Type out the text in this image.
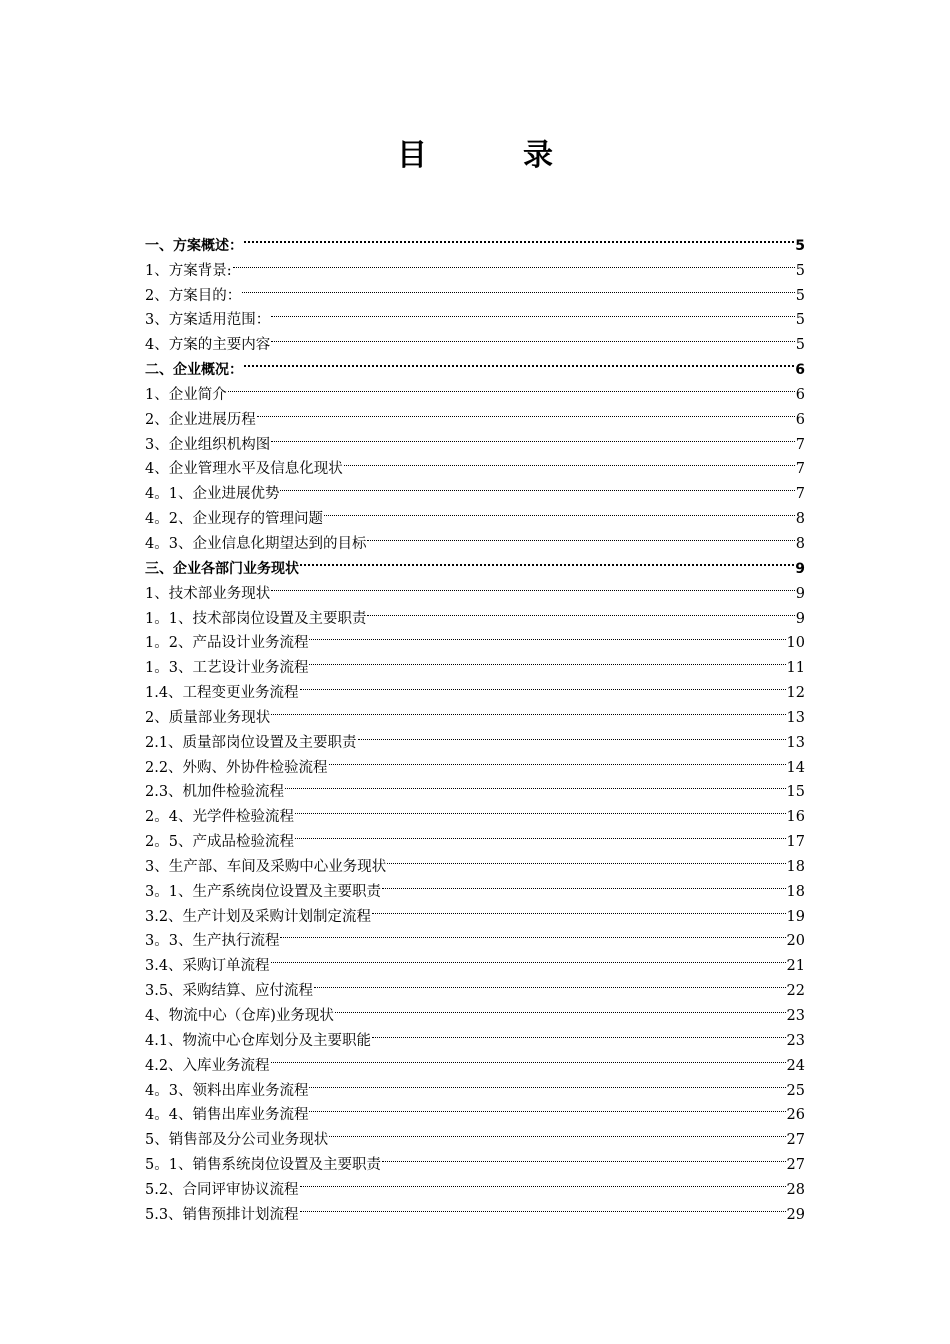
目	录
一、方案概述：	5
1、方案背景:	5
2、方案目的：	5
3、方案适用范围：	5
4、方案的主要内容	5
二、企业概况：	6
1、企业简介	6
2、企业进展历程	6
3、企业组织机构图	7
4、企业管理水平及信息化现状	7
4。1、企业进展优势	7
4。2、企业现存的管理问题	8
4。3、企业信息化期望达到的目标	8
三、企业各部门业务现状	9
1、技术部业务现状	9
1。1、技术部岗位设置及主要职责	9
1。2、产品设计业务流程	10
1。3、工艺设计业务流程	11
1.4、工程变更业务流程	12
2、质量部业务现状	13
2.1、质量部岗位设置及主要职责	13
2.2、外购、外协件检验流程	14
2.3、机加件检验流程	15
2。4、光学件检验流程	16
2。5、产成品检验流程	17
3、生产部、车间及采购中心业务现状	18
3。1、生产系统岗位设置及主要职责	18
3.2、生产计划及采购计划制定流程	19
3。3、生产执行流程	20
3.4、采购订单流程	21
3.5、采购结算、应付流程	22
4、物流中心（仓库)业务现状	23
4.1、物流中心仓库划分及主要职能	23
4.2、入库业务流程	24
4。3、领料出库业务流程	25
4。4、销售出库业务流程	26
5、销售部及分公司业务现状	27
5。1、销售系统岗位设置及主要职责	27
5.2、合同评审协议流程	28
5.3、销售预排计划流程	29
